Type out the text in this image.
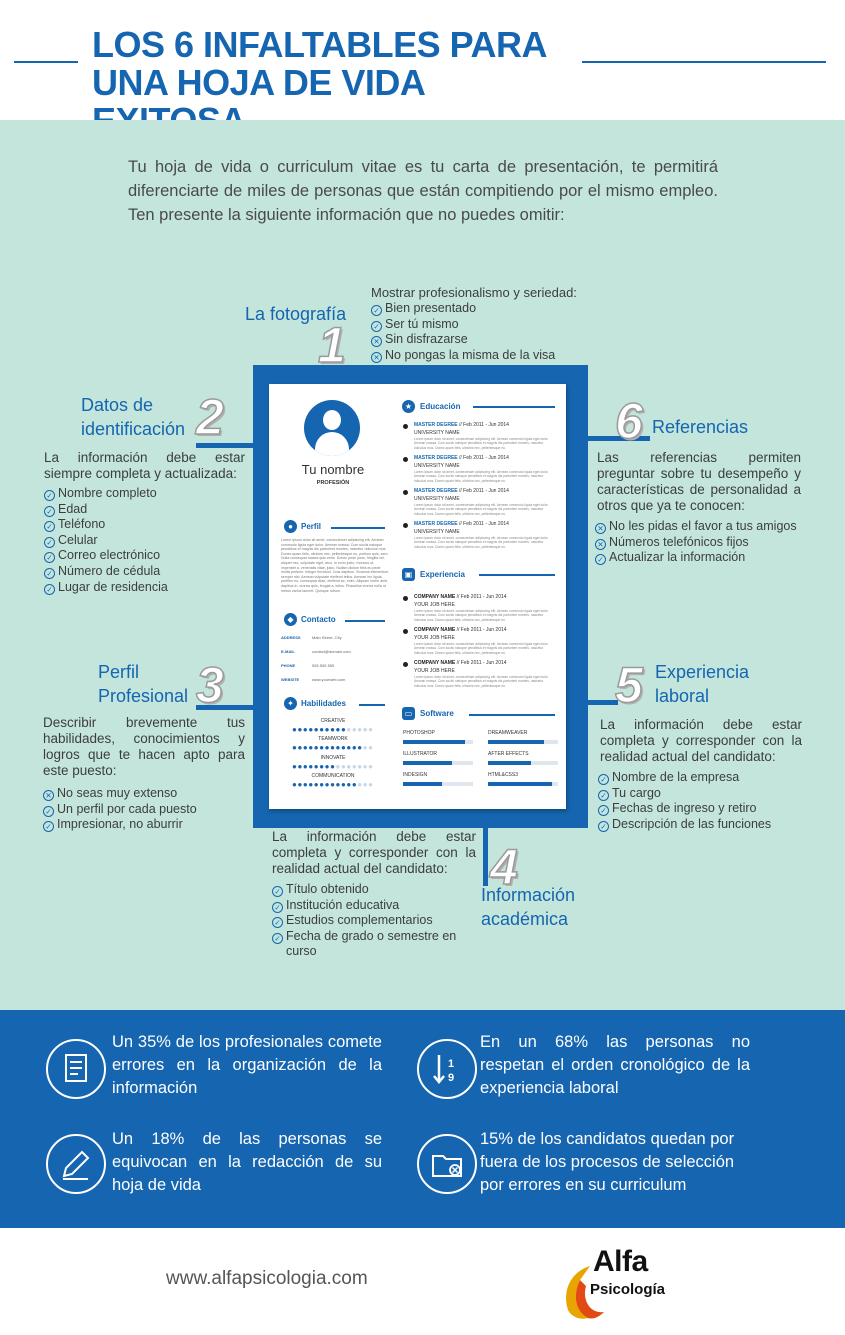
LOS 6 INFALTABLES PARA
UNA HOJA DE VIDA

Tu hoja de vida o curriculum vitae es tu carta de presentación, te permitirá diferenciarte de miles de personas que están compitiendo por el mismo empleo. Ten presente la siguiente información que no puedes omitir:

Tu nombre
PROFESIÓN
●	Perfil
Lorem ipsum dolor sit amet, consectetuer adipiscing elit. Aenean commodo ligula eget dolor. Aenean massa. Cum sociis natoque penatibus et magnis dis parturient montes, nascetur ridiculus mus. Donec quam felis, ultricies nec, pellentesque eu, pretium quis, sem. Nulla consequat massa quis enim. Donec pede justo, fringilla vel, aliquet nec, vulputate eget, arcu. In enim justo, rhoncus ut, imperdiet a, venenatis vitae, justo. Nullam dictum felis eu pede mollis pretium. Integer tincidunt. Cras dapibus. Vivamus elementum semper nisi. Aenean vulputate eleifend tellus. Aenean leo ligula, porttitor eu, consequat vitae, eleifend ac, enim. Aliquam lorem ante, dapibus in, viverra quis, feugiat a, tellus. Phasellus viverra nulla ut metus varius laoreet. Quisque rutrum.
◆ Contacto
ADDRESS	Main Street, City
E-MAIL	contact@domain.com
PHONE	555 555 555
WEBSITE	www.yourweb.com
✦ Habilidades
CREATIVE
●●●●●●●●●●●●●●●
TEAMWORK
●●●●●●●●●●●●●●●
INNOVATE
●●●●●●●●●●●●●●●
COMMUNICATION
●●●●●●●●●●●●●●●
★ Educación
MASTER DEGREE // Feb 2011 - Jun 2014
UNIVERSITY NAME
Lorem ipsum dolor sit amet, consectetuer adipiscing elit. Aenean commodo ligula eget dolor. Aenean massa. Cum sociis natoque penatibus et magnis dis parturient montes, nascetur ridiculus mus. Donec quam felis, ultricies nec, pellentesque eu.
MASTER DEGREE // Feb 2011 - Jun 2014
UNIVERSITY NAME
Lorem ipsum dolor sit amet, consectetuer adipiscing elit. Aenean commodo ligula eget dolor. Aenean massa. Cum sociis natoque penatibus et magnis dis parturient montes, nascetur ridiculus mus. Donec quam felis, ultricies nec, pellentesque eu.
MASTER DEGREE // Feb 2011 - Jun 2014
UNIVERSITY NAME
Lorem ipsum dolor sit amet, consectetuer adipiscing elit. Aenean commodo ligula eget dolor. Aenean massa. Cum sociis natoque penatibus et magnis dis parturient montes, nascetur ridiculus mus. Donec quam felis, ultricies nec, pellentesque eu.
MASTER DEGREE // Feb 2011 - Jun 2014
UNIVERSITY NAME
Lorem ipsum dolor sit amet, consectetuer adipiscing elit. Aenean commodo ligula eget dolor. Aenean massa. Cum sociis natoque penatibus et magnis dis parturient montes, nascetur ridiculus mus. Donec quam felis, ultricies nec, pellentesque eu.
▣ Experiencia
COMPANY NAME // Feb 2011 - Jun 2014
YOUR JOB HERE
Lorem ipsum dolor sit amet, consectetuer adipiscing elit. Aenean commodo ligula eget dolor. Aenean massa. Cum sociis natoque penatibus et magnis dis parturient montes, nascetur ridiculus mus. Donec quam felis, ultricies nec, pellentesque eu.
COMPANY NAME // Feb 2011 - Jun 2014
YOUR JOB HERE
Lorem ipsum dolor sit amet, consectetuer adipiscing elit. Aenean commodo ligula eget dolor. Aenean massa. Cum sociis natoque penatibus et magnis dis parturient montes, nascetur ridiculus mus. Donec quam felis, ultricies nec, pellentesque eu.
COMPANY NAME // Feb 2011 - Jun 2014
YOUR JOB HERE
Lorem ipsum dolor sit amet, consectetuer adipiscing elit. Aenean commodo ligula eget dolor. Aenean massa. Cum sociis natoque penatibus et magnis dis parturient montes, nascetur ridiculus mus. Donec quam felis, ultricies nec, pellentesque eu.
▭ Software
PHOTOSHOP	DREAMWEAVER
ILLUSTRATOR	AFTER EFFECTS
INDESIGN	HTML&CSS3
1
2
3
4
5
6
La fotografía
Mostrar profesionalismo y seriedad:
✓ Bien presentado
✓ Ser tú mismo
✕ Sin disfrazarse
✕ No pongas la misma de la visa
Datos de
identificación
La información debe estar siempre completa y actualizada:
✓ Nombre completo
✓ Edad
✓ Teléfono
✓ Celular
✓ Correo electrónico
✓ Número de cédula
✓ Lugar de residencia
Perfil
Profesional
Describir brevemente tus habilidades, conocimientos y logros que te hacen apto para este puesto:
✕ No seas muy extenso
✓ Un perfil por cada puesto
✓ Impresionar, no aburrir
La información debe estar completa y corresponder con la realidad actual del candidato:
✓ Título obtenido
✓ Institución educativa
✓ Estudios complementarios
✓ Fecha de grado o semestre en
curso
Información
académica
Experiencia
laboral
La información debe estar completa y corresponder con la realidad actual del candidato:
✓ Nombre de la empresa
✓ Tu cargo
✓ Fechas de ingreso y retiro
✓ Descripción de las funciones
Referencias
Las referencias permiten preguntar sobre tu desempeño y características de personalidad a otros que ya te conocen:
✕ No les pidas el favor a tus amigos
✕ Números telefónicos fijos
✓ Actualizar la información
Un 35% de los profesionales comete errores en la organización de la información
1
9
En un 68% las personas no respetan el orden cronológico de la experiencia laboral
Un 18% de las personas se equivocan en la redacción de su hoja de vida
15% de los candidatos quedan por fuera de los procesos de selección por errores en su curriculum
www.alfapsicologia.com
Alfa
Psicología
